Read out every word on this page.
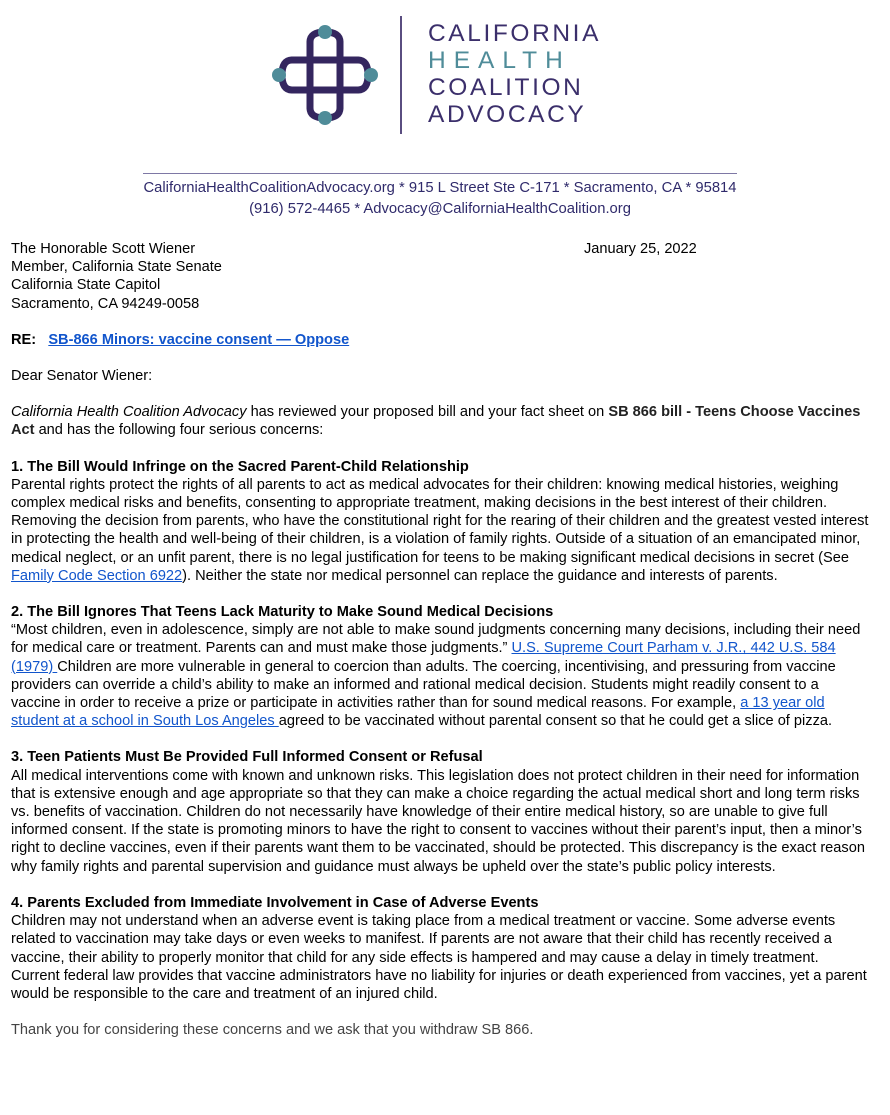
CALIFORNIA
HEALTH
COALITION
ADVOCACY
CaliforniaHealthCoalitionAdvocacy.org * 915 L Street Ste C-171 * Sacramento, CA * 95814
(916) 572-4465 * Advocacy@CaliforniaHealthCoalition.org
The Honorable Scott Wiener
Member, California State Senate
California State Capitol
Sacramento, CA 94249-0058
January 25, 2022

RE: SB-866 Minors: vaccine consent — Oppose

Dear Senator Wiener:

California Health Coalition Advocacy has reviewed your proposed bill and your fact sheet on SB 866 bill - Teens Choose Vaccines Act and has the following four serious concerns:

1. The Bill Would Infringe on the Sacred Parent-Child Relationship

Parental rights protect the rights of all parents to act as medical advocates for their children: knowing medical histories, weighing complex medical risks and benefits, consenting to appropriate treatment, making decisions in the best interest of their children. Removing the decision from parents, who have the constitutional right for the rearing of their children and the greatest vested interest in protecting the health and well-being of their children, is a violation of family rights. Outside of a situation of an emancipated minor, medical neglect, or an unfit parent, there is no legal justification for teens to be making significant medical decisions in secret (See Family Code Section 6922). Neither the state nor medical personnel can replace the guidance and interests of parents.

2. The Bill Ignores That Teens Lack Maturity to Make Sound Medical Decisions

“Most children, even in adolescence, simply are not able to make sound judgments concerning many decisions, including their need for medical care or treatment. Parents can and must make those judgments.” U.S. Supreme Court Parham v. J.R., 442 U.S. 584 (1979) Children are more vulnerable in general to coercion than adults. The coercing, incentivising, and pressuring from vaccine providers can override a child’s ability to make an informed and rational medical decision. Students might readily consent to a vaccine in order to receive a prize or participate in activities rather than for sound medical reasons. For example, a 13 year old student at a school in South Los Angeles agreed to be vaccinated without parental consent so that he could get a slice of pizza.

3. Teen Patients Must Be Provided Full Informed Consent or Refusal

All medical interventions come with known and unknown risks. This legislation does not protect children in their need for information that is extensive enough and age appropriate so that they can make a choice regarding the actual medical short and long term risks vs. benefits of vaccination. Children do not necessarily have knowledge of their entire medical history, so are unable to give full informed consent. If the state is promoting minors to have the right to consent to vaccines without their parent’s input, then a minor’s right to decline vaccines, even if their parents want them to be vaccinated, should be protected. This discrepancy is the exact reason why family rights and parental supervision and guidance must always be upheld over the state’s public policy interests.

4. Parents Excluded from Immediate Involvement in Case of Adverse Events

Children may not understand when an adverse event is taking place from a medical treatment or vaccine. Some adverse events related to vaccination may take days or even weeks to manifest. If parents are not aware that their child has recently received a vaccine, their ability to properly monitor that child for any side effects is hampered and may cause a delay in timely treatment. Current federal law provides that vaccine administrators have no liability for injuries or death experienced from vaccines, yet a parent would be responsible to the care and treatment of an injured child.

Thank you for considering these concerns and we ask that you withdraw SB 866.
